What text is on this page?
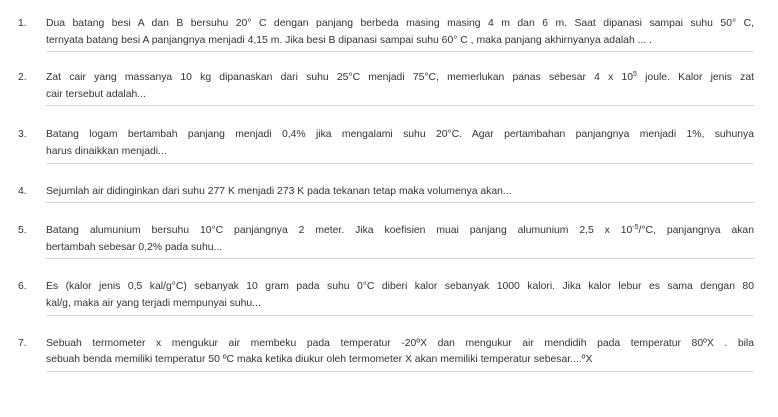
1.	Dua batang besi A dan B bersuhu 20° C dengan panjang berbeda masing masing 4 m dan 6 m. Saat dipanasi sampai suhu 50° C,
ternyata batang besi A panjangnya menjadi 4,15 m. Jika besi B dipanasi sampai suhu 60° C , maka panjang akhirnyanya adalah ... .
2.	Zat cair yang massanya 10 kg dipanaskan dari suhu 25°C menjadi 75°C, memerlukan panas sebesar 4 x $10^5$ joule. Kalor jenis zat
cair tersebut adalah...
3.	Batang logam bertambah panjang menjadi 0,4% jika mengalami suhu 20°C. Agar pertambahan panjangnya menjadi 1%, suhunya
harus dinaikkan menjadi...
4.	Sejumlah air didinginkan dari suhu 277 K menjadi 273 K pada tekanan tetap maka volumenya akan...
5.	Batang alumunium bersuhu 10°C panjangnya 2 meter. Jika koefisien muai panjang alumunium 2,5 x $10^{-5}/^\circ C$, panjangnya akan
bertambah sebesar 0,2% pada suhu...
6.	Es (kalor jenis 0,5 kal/g°C) sebanyak 10 gram pada suhu 0°C diberi kalor sebanyak 1000 kalori. Jika kalor lebur es sama dengan 80
kal/g, maka air yang terjadi mempunyai suhu...
7.	Sebuah termometer x mengukur air membeku pada temperatur -20ºX dan mengukur air mendidih pada temperatur 80ºX . bila
sebuah benda memiliki temperatur 50 ºC maka ketika diukur oleh termometer X akan memiliki temperatur sebesar....ºX
